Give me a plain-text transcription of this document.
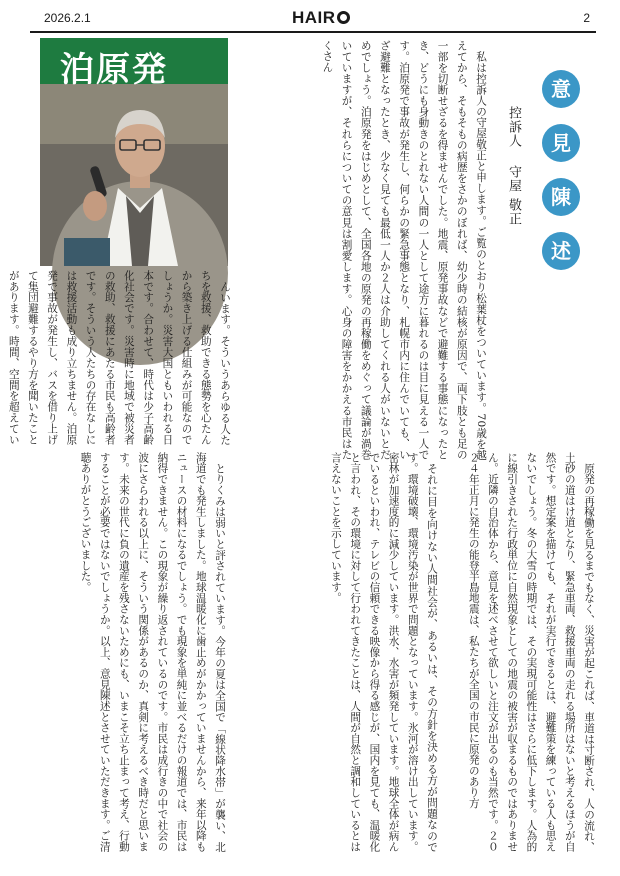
2026.2.1	HAIR	2
泊原発	意
見
陳
述
控訴人 守屋 敬正

私は控訴人の守屋敬正と申します。ご覧のとおり松葉杖をついています。70歳を越えてから、そもそもの病歴をさかのぼれば、幼少時の結核が原因で、両下肢とも足の一部を切断せざるを得ませんでした。地震、原発事故などで避難する事態になったとき、どうにも身動きのとれない人間の一人として途方に暮れるのは目に見える一人です。泊原発で事故が発生し、何らかの緊急事態となり、札幌市内に住んでいても、いざ避難となったとき、少なく見ても最低一人か２人は介助してくれる人がいないとだめでしょう。泊原発をはじめとして、全国各地の原発の再稼働をめぐって議論が渦巻いていますが、それらについての意見は割愛します。心身の障害をかかえる市民はたくさん

んいます。そういうあらゆる人たちを救援、救助できる態勢を心たんから築き上げる仕組みが可能なのでしょうか。災害大国ともいわれる日本です。合わせて、時代は少子高齢化社会です。災害時に地域で被災者の救助、救援にあたる市民も高齢者です。そういう人たちの存在なしには救援活動も成り立ちません。泊原発で事故が発生し、バスを借り上げて集団避難するやり方を聞いたことがあります。時間、空間を超えてい

とりくみは弱いと評されています。今年の夏は全国で「線状降水帯」が襲い、北海道でも発生しました。地球温暖化に歯止めがかかっていませんから、来年以降もニュースの材料になるでしょう。でも現象を単純に並べるだけの報道では、市民は納得できません。この現象が繰り返されているのです。市民は成行きの中で社会の波にさらわれる以上に、そういう関係があるのか、真剣に考えるべき時だと思います。未来の世代に負の遺産を残さないためにも、いまこそ立ち止まって考え、行動することが必要ではないでしょうか。以上、意見陳述とさせていただきます。ご清聴ありがとうございました。	それに目を向けない人間社会が、あるいは、その方針を決める方が問題なのです。環境破壊、環境汚染が世界で問題となっています。氷河が溶け出しています。密林が加速度的に減少しています。洪水、水害が頻発しています。地球全体が病んでいるといわれ、テレビの信頼できる映像から得る感じが、国内を見ても、温暖化と言われ、その環境に対して行われてきたことは、人間が自然と調和しているとは言えないことを示しています。	原発の再稼働を見るまでもなく、災害が起これば、車道は寸断され、人の流れ、土砂の道はけ道となり、緊急車両、救援車両の走れる場所はないと考えるほうが自然です。想定案を描けても、それが実行できるとは、避難策を練っている人も思えないでしょう。冬の大雪の時期では、その実現可能性はさらに低下します。人為的に線引きされた行政単位に自然現象としての地震の被害が収まるものではありません。近隣の自治体から、意見を述べさせて欲しいと注文が出るのも当然です。２０２４年正月に発生の能登半島地震は、私たちが全国の市民に原発のあり方
